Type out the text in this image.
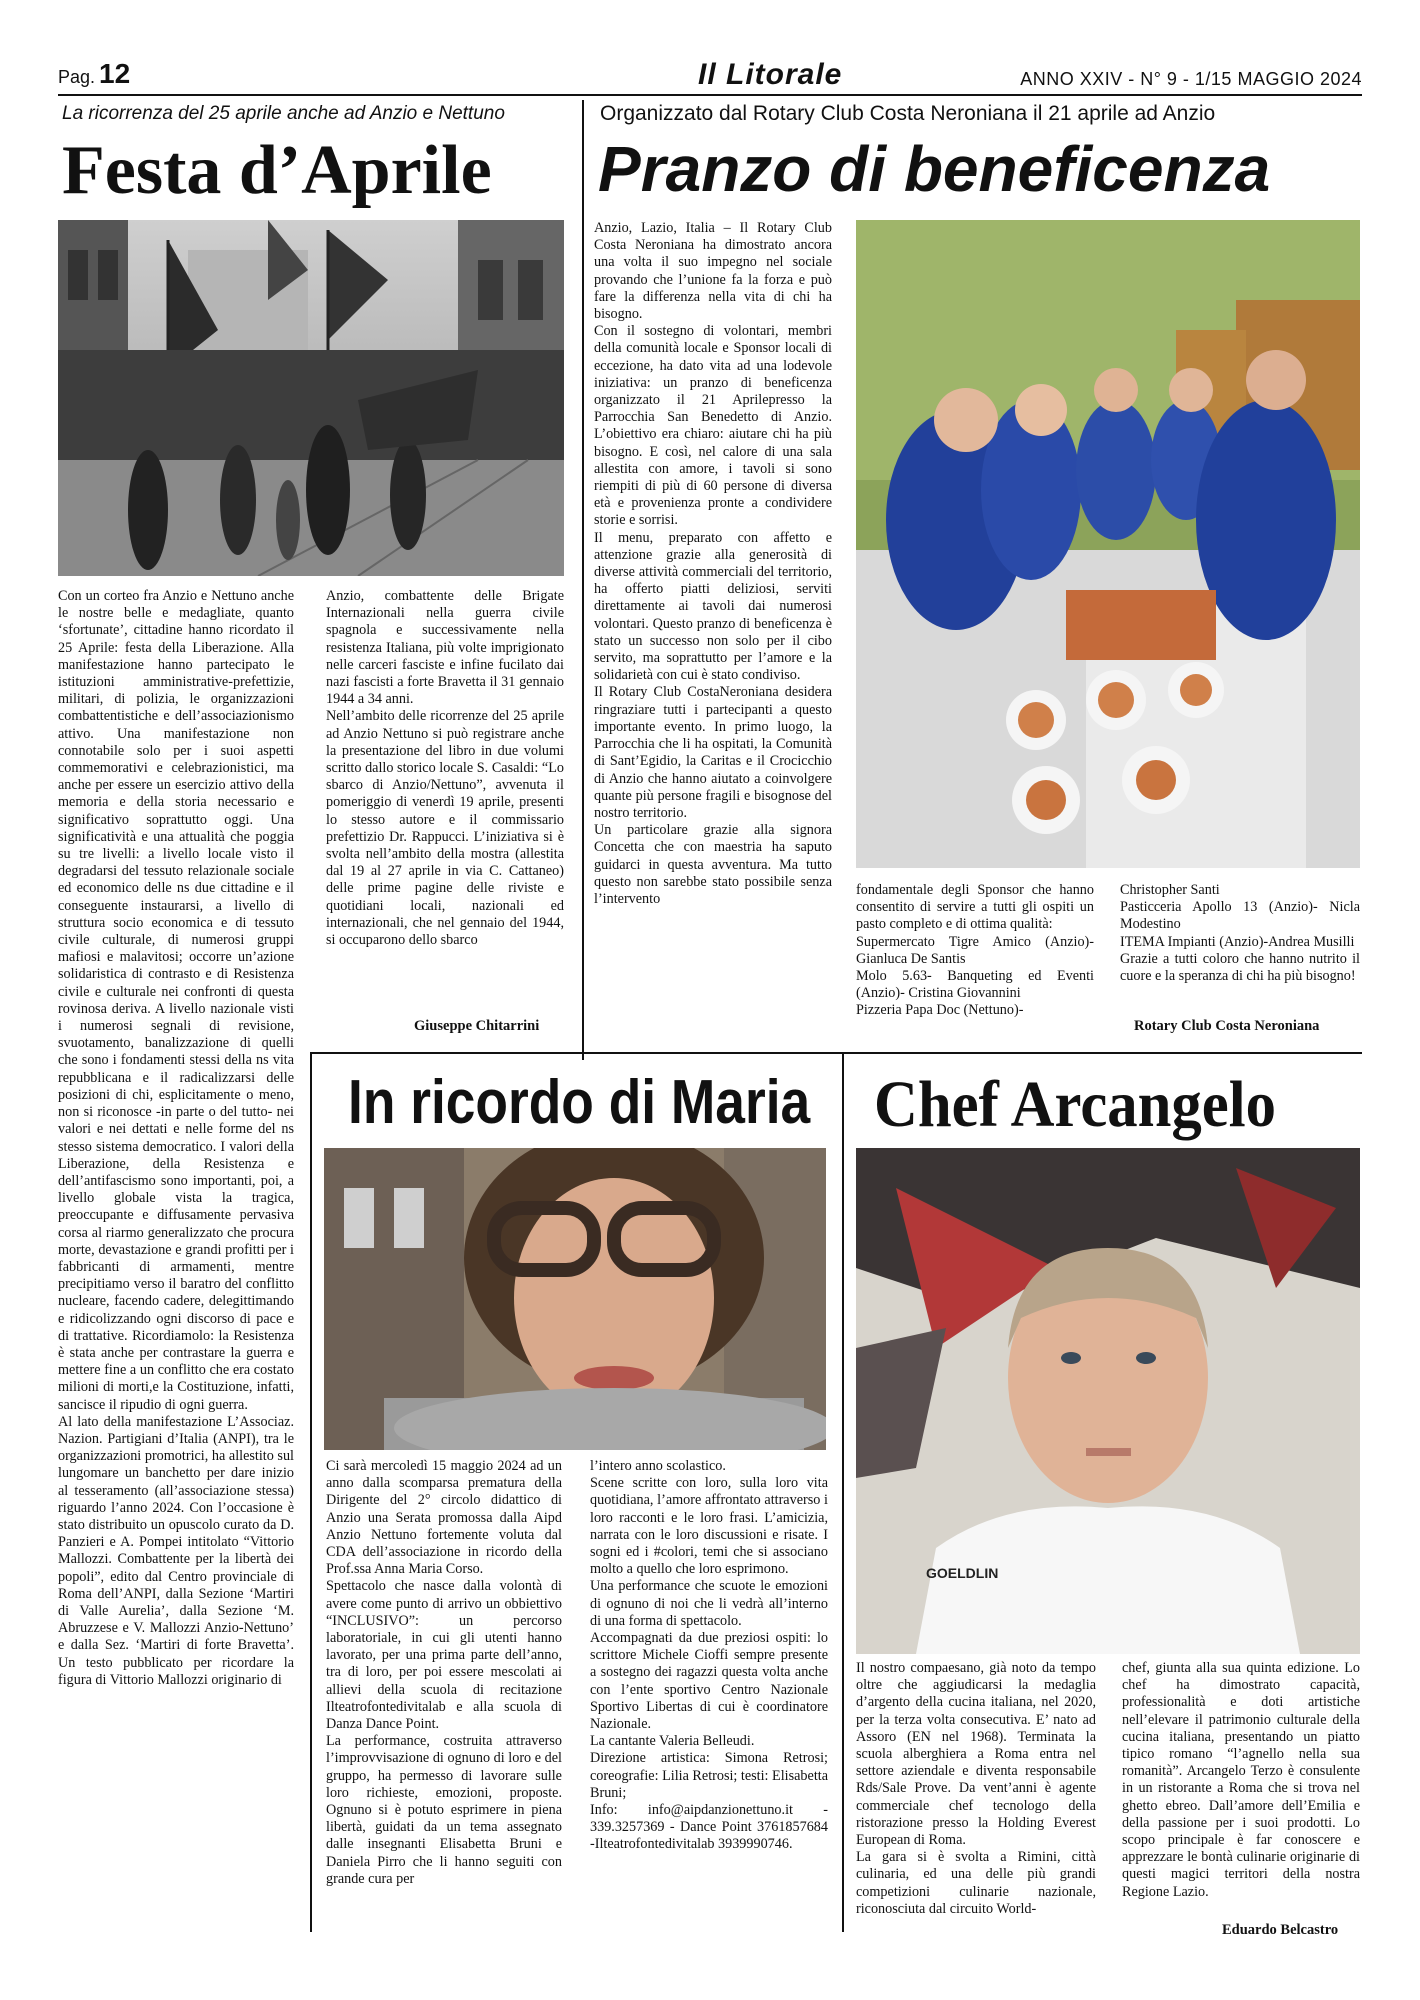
Pag. 12	Il Litorale	ANNO XXIV - N° 9 - 1/15 MAGGIO 2024
La ricorrenza del 25 aprile anche ad Anzio e Nettuno
Festa d’Aprile

Con un corteo fra Anzio e Nettuno anche le nostre belle e medagliate, quanto ‘sfortunate’, cittadine hanno ricordato il 25 Aprile: festa della Liberazione. Alla manifestazione hanno partecipato le istituzioni amministrative-prefettizie, militari, di polizia, le organizzazioni combattentistiche e dell’associazionismo attivo. Una manifestazione non connotabile solo per i suoi aspetti commemorativi e celebrazionistici, ma anche per essere un esercizio attivo della memoria e della storia necessario e significativo soprattutto oggi. Una significatività e una attualità che poggia su tre livelli: a livello locale visto il degradarsi del tessuto relazionale sociale ed economico delle ns due cittadine e il conseguente instaurarsi, a livello di struttura socio economica e di tessuto civile culturale, di numerosi gruppi mafiosi e malavitosi; occorre un’azione solidaristica di contrasto e di Resistenza civile e culturale nei confronti di questa rovinosa deriva. A livello nazionale visti i numerosi segnali di revisione, svuotamento, banalizzazione di quelli che sono i fondamenti stessi della ns vita repubblicana e il radicalizzarsi delle posizioni di chi, esplicitamente o meno, non si riconosce -in parte o del tutto- nei valori e nei dettati e nelle forme del ns stesso sistema democratico. I valori della Liberazione, della Resistenza e dell’antifascismo sono importanti, poi, a livello globale vista la tragica, preoccupante e diffusamente pervasiva corsa al riarmo generalizzato che procura morte, devastazione e grandi profitti per i fabbricanti di armamenti, mentre precipitiamo verso il baratro del conflitto nucleare, facendo cadere, delegittimando e ridicolizzando ogni discorso di pace e di trattative. Ricordiamolo: la Resistenza è stata anche per contrastare la guerra e mettere fine a un conflitto che era costato milioni di morti,e la Costituzione, infatti, sancisce il ripudio di ogni guerra.

Al lato della manifestazione L’Associaz. Nazion. Partigiani d’Italia (ANPI), tra le organizzazioni promotrici, ha allestito sul lungomare un banchetto per dare inizio al tesseramento (all’associazione stessa) riguardo l’anno 2024. Con l’occasione è stato distribuito un opuscolo curato da D. Panzieri e A. Pompei intitolato “Vittorio Mallozzi. Combattente per la libertà dei popoli”, edito dal Centro provinciale di Roma dell’ANPI, dalla Sezione ‘Martiri di Valle Aurelia’, dalla Sezione ‘M. Abruzzese e V. Mallozzi Anzio-Nettuno’ e dalla Sez. ‘Martiri di forte Bravetta’. Un testo pubblicato per ricordare la figura di Vittorio Mallozzi originario di

Anzio, combattente delle Brigate Internazionali nella guerra civile spagnola e successivamente nella resistenza Italiana, più volte imprigionato nelle carceri fasciste e infine fucilato dai nazi fascisti a forte Bravetta il 31 gennaio 1944 a 34 anni.

Nell’ambito delle ricorrenze del 25 aprile ad Anzio Nettuno si può registrare anche la presentazione del libro in due volumi scritto dallo storico locale S. Casaldi: “Lo sbarco di Anzio/Nettuno”, avvenuta il pomeriggio di venerdì 19 aprile, presenti lo stesso autore e il commissario prefettizio Dr. Rappucci. L’iniziativa si è svolta nell’ambito della mostra (allestita dal 19 al 27 aprile in via C. Cattaneo) delle prime pagine delle riviste e quotidiani locali, nazionali ed internazionali, che nel gennaio del 1944, si occuparono dello sbarco

Giuseppe Chitarrini
Organizzato dal Rotary Club Costa Neroniana il 21 aprile ad Anzio
Pranzo di beneficenza

Anzio, Lazio, Italia – Il Rotary Club Costa Neroniana ha dimostrato ancora una volta il suo impegno nel sociale provando che l’unione fa la forza e può fare la differenza nella vita di chi ha bisogno.

Con il sostegno di volontari, membri della comunità locale e Sponsor locali di eccezione, ha dato vita ad una lodevole iniziativa: un pranzo di beneficenza organizzato il 21 Aprilepresso la Parrocchia San Benedetto di Anzio. L’obiettivo era chiaro: aiutare chi ha più bisogno. E così, nel calore di una sala allestita con amore, i tavoli si sono riempiti di più di 60 persone di diversa età e provenienza pronte a condividere storie e sorrisi.

Il menu, preparato con affetto e attenzione grazie alla generosità di diverse attività commerciali del territorio, ha offerto piatti deliziosi, serviti direttamente ai tavoli dai numerosi volontari. Questo pranzo di beneficenza è stato un successo non solo per il cibo servito, ma soprattutto per l’amore e la solidarietà con cui è stato condiviso.

Il Rotary Club CostaNeroniana desidera ringraziare tutti i partecipanti a questo importante evento. In primo luogo, la Parrocchia che li ha ospitati, la Comunità di Sant’Egidio, la Caritas e il Crocicchio di Anzio che hanno aiutato a coinvolgere quante più persone fragili e bisognose del nostro territorio.

Un particolare grazie alla signora Concetta che con maestria ha saputo guidarci in questa avventura. Ma tutto questo non sarebbe stato possibile senza l’intervento

fondamentale degli Sponsor che hanno consentito di servire a tutti gli ospiti un pasto completo e di ottima qualità:

Supermercato Tigre Amico (Anzio)- Gianluca De Santis

Molo 5.63- Banqueting ed Eventi (Anzio)- Cristina Giovannini

Pizzeria Papa Doc (Nettuno)-

Christopher Santi

Pasticceria Apollo 13 (Anzio)- Nicla Modestino

ITEMA Impianti (Anzio)-Andrea Musilli

Grazie a tutti coloro che hanno nutrito il cuore e la speranza di chi ha più bisogno!

Rotary Club Costa Neroniana
In ricordo di Maria

Ci sarà mercoledì 15 maggio 2024 ad un anno dalla scomparsa prematura della Dirigente del 2° circolo didattico di Anzio una Serata promossa dalla Aipd Anzio Nettuno fortemente voluta dal CDA dell’associazione in ricordo della Prof.ssa Anna Maria Corso.

Spettacolo che nasce dalla volontà di avere come punto di arrivo un obbiettivo “INCLUSIVO”: un percorso laboratoriale, in cui gli utenti hanno lavorato, per una prima parte dell’anno, tra di loro, per poi essere mescolati ai allievi della scuola di recitazione Ilteatrofontedivitalab e alla scuola di Danza Dance Point.

La performance, costruita attraverso l’improvvisazione di ognuno di loro e del gruppo, ha permesso di lavorare sulle loro richieste, emozioni, proposte. Ognuno si è potuto esprimere in piena libertà, guidati da un tema assegnato dalle insegnanti Elisabetta Bruni e Daniela Pirro che li hanno seguiti con grande cura per

l’intero anno scolastico.

Scene scritte con loro, sulla loro vita quotidiana, l’amore affrontato attraverso i loro racconti e le loro frasi. L’amicizia, narrata con le loro discussioni e risate. I sogni ed i #colori, temi che si associano molto a quello che loro esprimono.

Una performance che scuote le emozioni di ognuno di noi che li vedrà all’interno di una forma di spettacolo.

Accompagnati da due preziosi ospiti: lo scrittore Michele Cioffi sempre presente a sostegno dei ragazzi questa volta anche con l’ente sportivo Centro Nazionale Sportivo Libertas di cui è coordinatore Nazionale.

La cantante Valeria Belleudi.

Direzione artistica: Simona Retrosi; coreografie: Lilia Retrosi; testi: Elisabetta Bruni;

Info: info@aipdanzionettuno.it - 339.3257369 - Dance Point 3761857684 -Ilteatrofontedivitalab 3939990746.

Chef Arcangelo
GOELDLIN

Il nostro compaesano, già noto da tempo oltre che aggiudicarsi la medaglia d’argento della cucina italiana, nel 2020, per la terza volta consecutiva. E’ nato ad Assoro (EN nel 1968). Terminata la scuola alberghiera a Roma entra nel settore aziendale e diventa responsabile Rds/Sale Prove. Da vent’anni è agente commerciale chef tecnologo della ristorazione presso la Holding Everest European di Roma.

La gara si è svolta a Rimini, città culinaria, ed una delle più grandi competizioni culinarie nazionale, riconosciuta dal circuito World-

chef, giunta alla sua quinta edizione. Lo chef ha dimostrato capacità, professionalità e doti artistiche nell’elevare il patrimonio culturale della cucina italiana, presentando un piatto tipico romano “l’agnello nella sua romanità”. Arcangelo Terzo è consulente in un ristorante a Roma che si trova nel ghetto ebreo. Dall’amore dell’Emilia e della passione per i suoi prodotti. Lo scopo principale è far conoscere e apprezzare le bontà culinarie originarie di questi magici territori della nostra Regione Lazio.

Eduardo Belcastro
